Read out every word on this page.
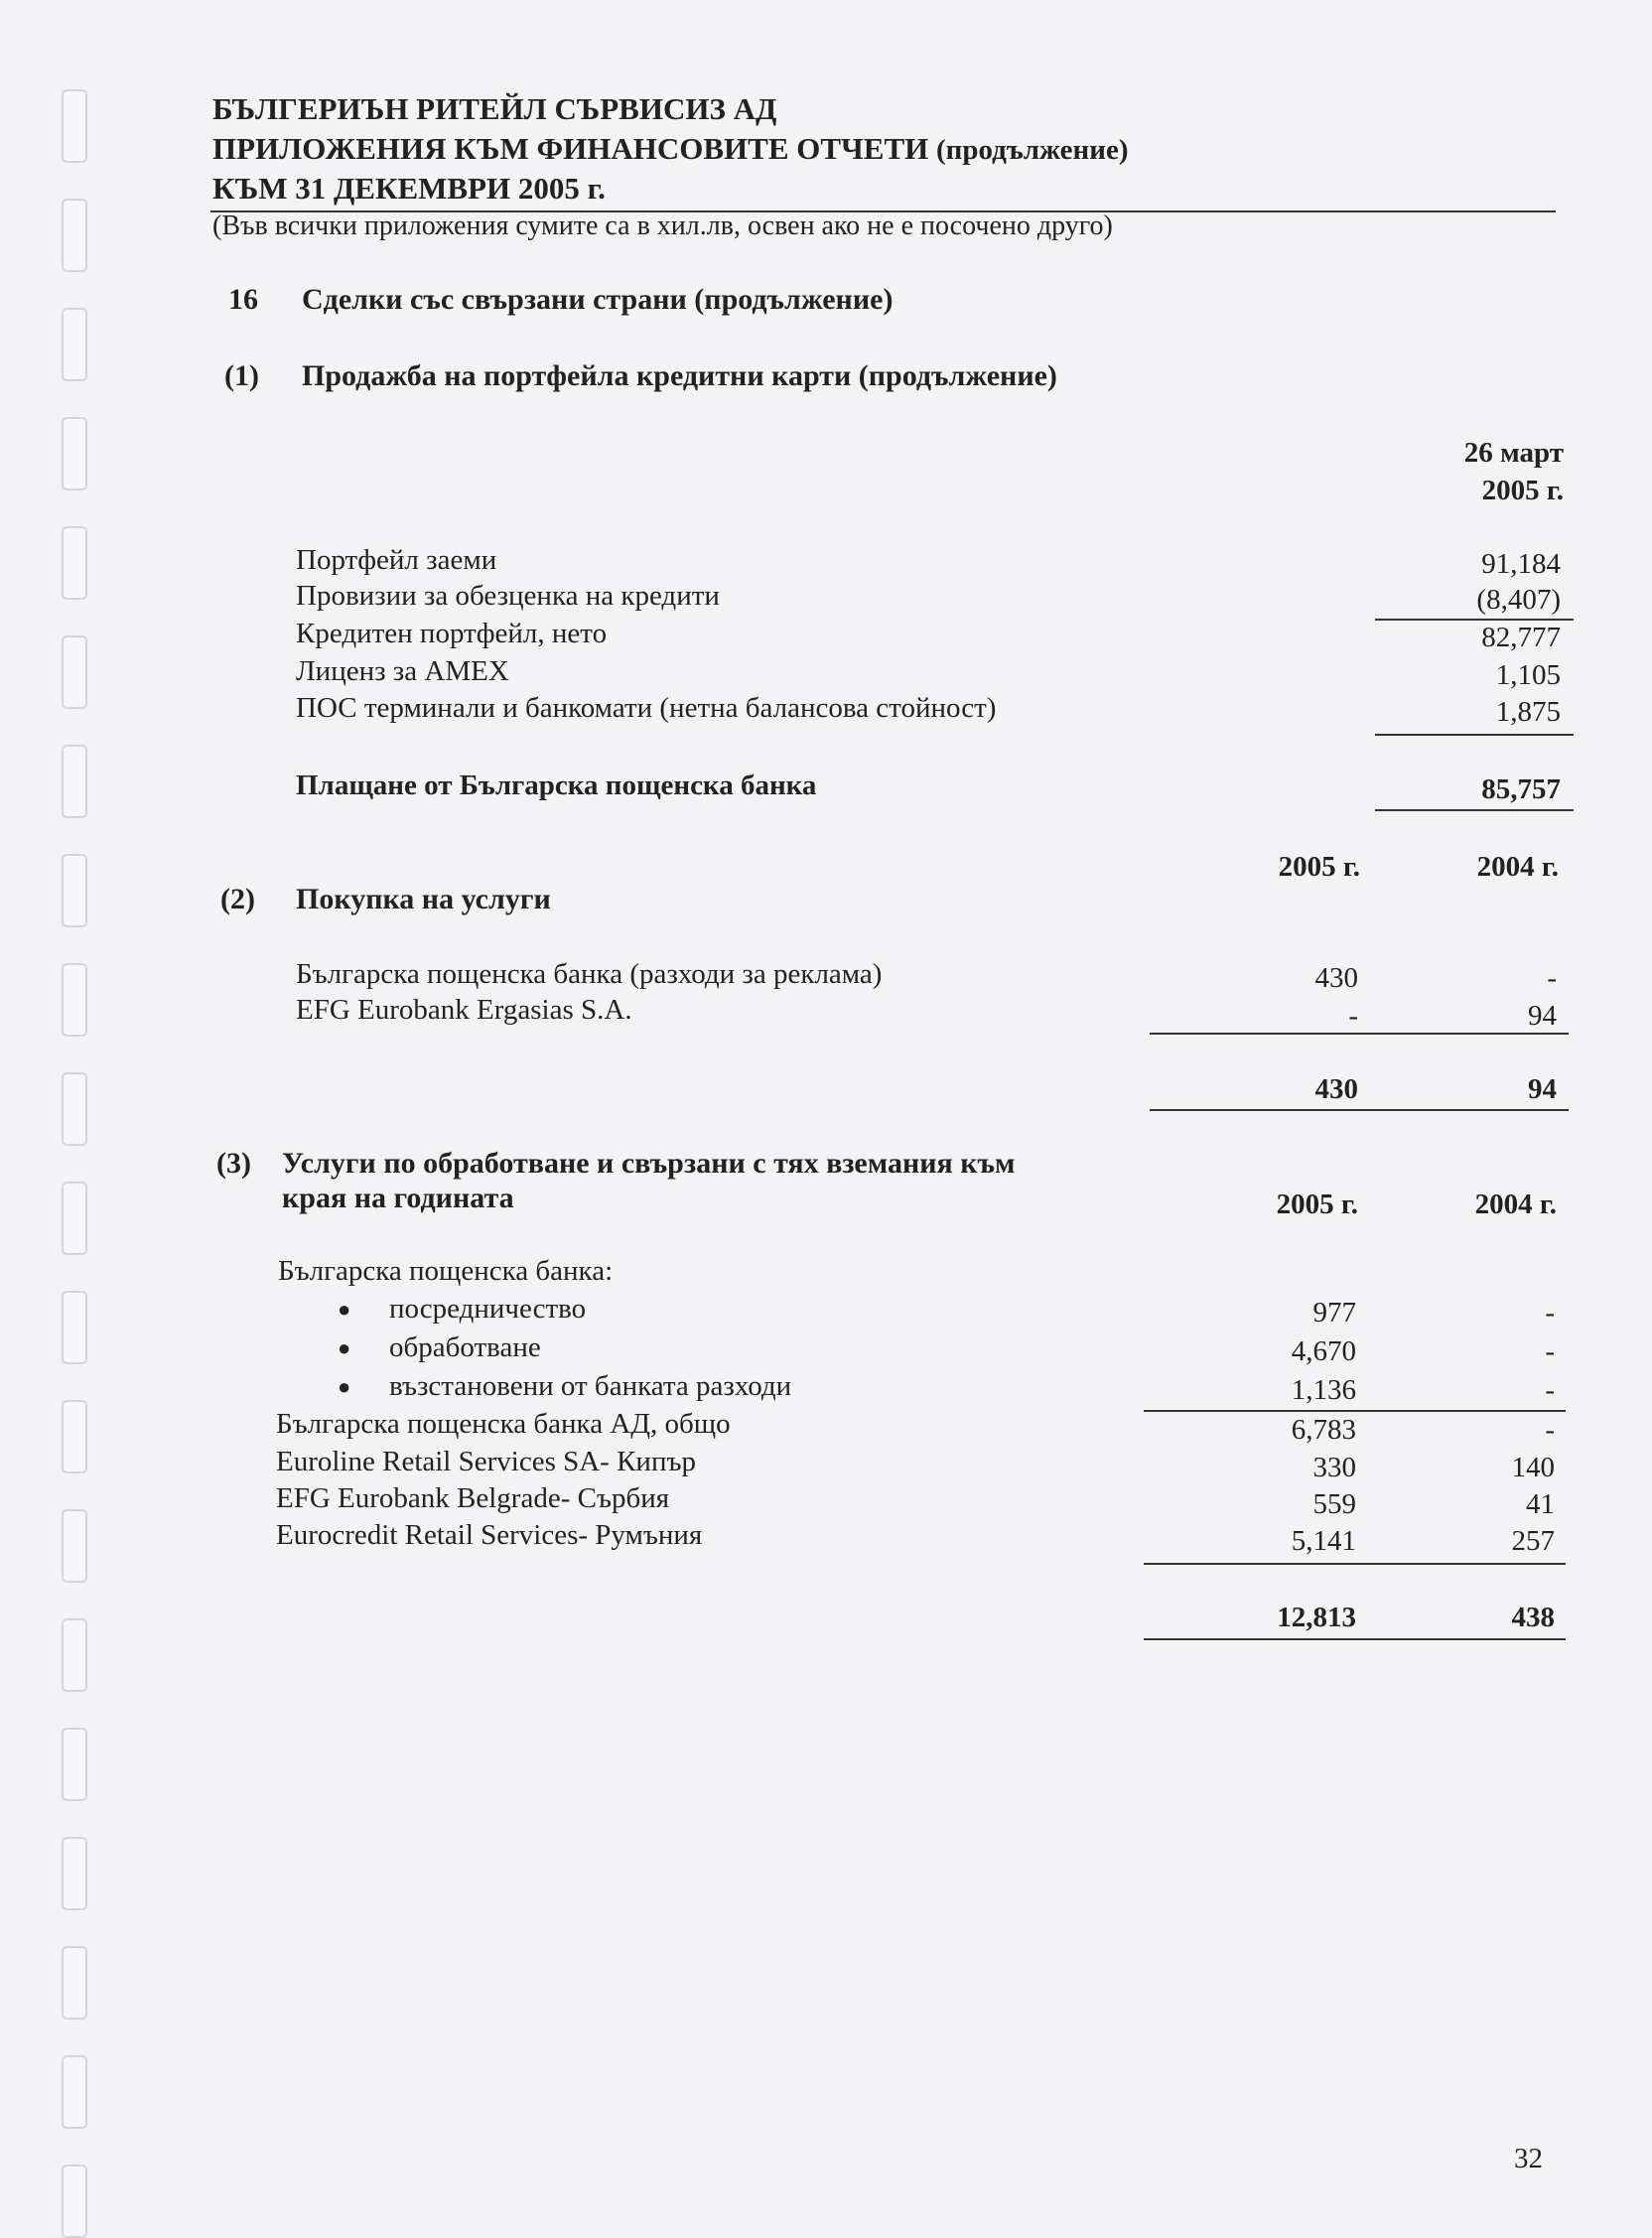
БЪЛГЕРИЪН РИТЕЙЛ СЪРВИСИЗ АД
ПРИЛОЖЕНИЯ КЪМ ФИНАНСОВИТЕ ОТЧЕТИ (продължение)
КЪМ 31 ДЕКЕМВРИ 2005 г.
(Във всички приложения сумите са в хил.лв, освен ако не е посочено друго)
16 Сделки със свързани страни (продължение)
(1) Продажба на портфейла кредитни карти (продължение)
26 март
2005 г.
Портфейл заеми	91,184
Провизии за обезценка на кредити	(8,407)
Кредитен портфейл, нето	82,777
Лиценз за АМЕХ	1,105
ПОС терминали и банкомати (нетна балансова стойност)	1,875
Плащане от Българска пощенска банка	85,757
2005 г.	2004 г.
(2) Покупка на услуги
Българска пощенска банка (разходи за реклама)	430	-
EFG Eurobank Ergasias S.A.	-	94
430	94
(3) Услуги по обработване и свързани с тях вземания към
края на годината	2005 г.	2004 г.
Българска пощенска банка:
● посредничество	977	-
● обработване	4,670	-
● възстановени от банката разходи	1,136	-
Българска пощенска банка АД, общо	6,783	-
Euroline Retail Services SA- Кипър	330	140
EFG Eurobank Belgrade- Сърбия	559	41
Eurocredit Retail Services- Румъния	5,141	257
12,813	438
32
